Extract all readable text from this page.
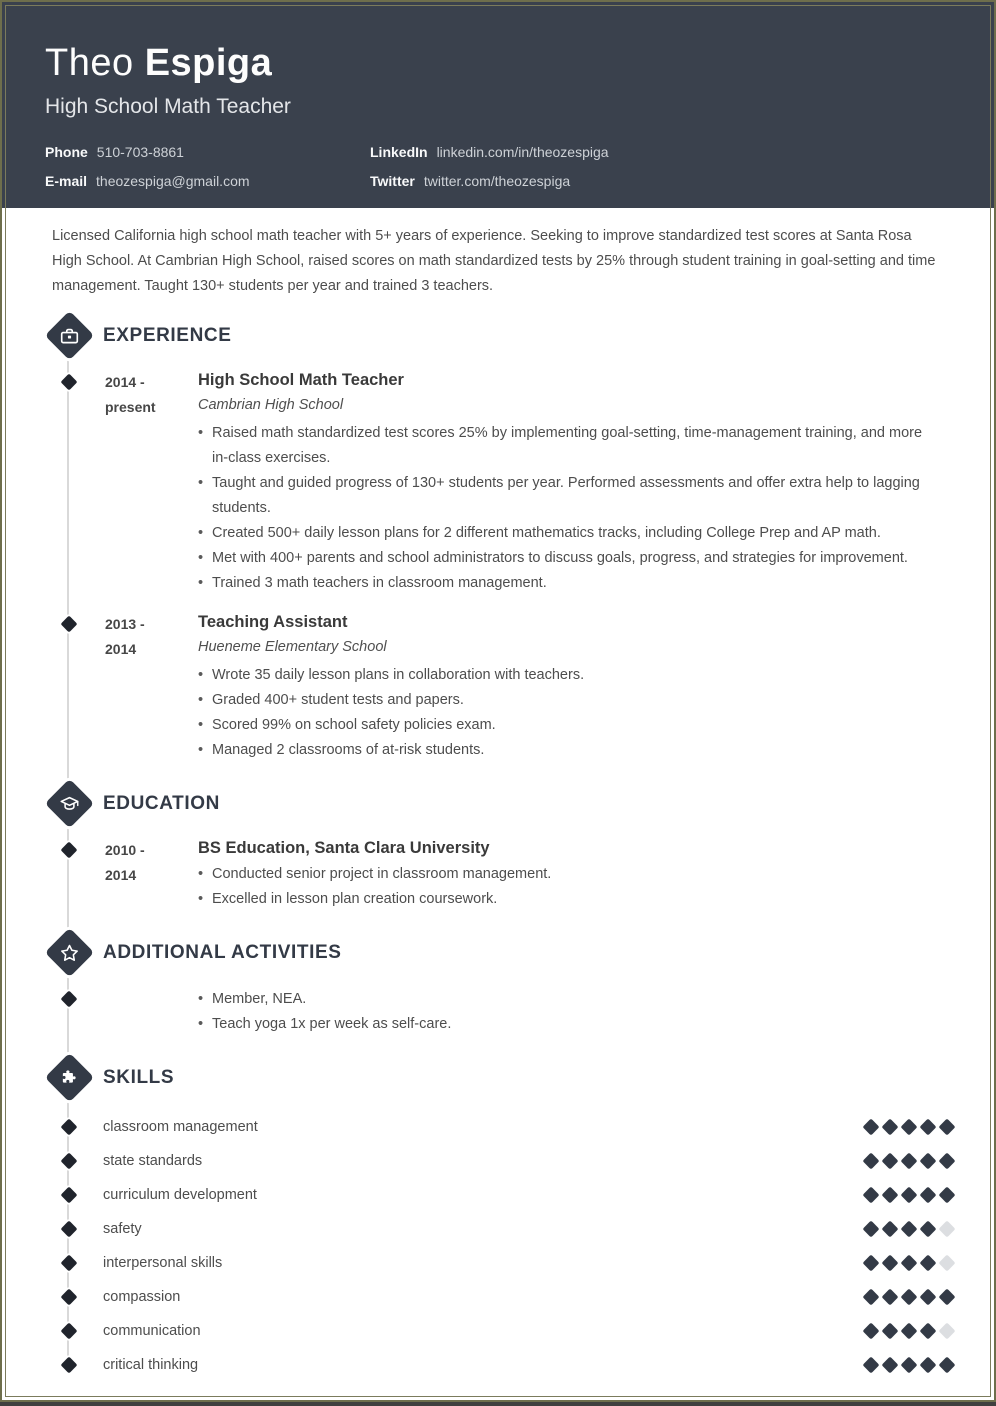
Theo Espiga
High School Math Teacher
Phone 510-703-8861	LinkedIn linkedin.com/in/theozespiga
E-mail theozespiga@gmail.com	Twitter twitter.com/theozespiga

Licensed California high school math teacher with 5+ years of experience. Seeking to improve standardized test scores at Santa Rosa High School. At Cambrian High School, raised scores on math standardized tests by 25% through student training in goal-setting and time management. Taught 130+ students per year and trained 3 teachers.

EXPERIENCE
2014 -
present
High School Math Teacher
Cambrian High School
• Raised math standardized test scores 25% by implementing goal-setting, time-management training, and more in-class exercises.
• Taught and guided progress of 130+ students per year. Performed assessments and offer extra help to lagging students.
• Created 500+ daily lesson plans for 2 different mathematics tracks, including College Prep and AP math.
• Met with 400+ parents and school administrators to discuss goals, progress, and strategies for improvement.
• Trained 3 math teachers in classroom management.
2013 -
2014
Teaching Assistant
Hueneme Elementary School
• Wrote 35 daily lesson plans in collaboration with teachers.
• Graded 400+ student tests and papers.
• Scored 99% on school safety policies exam.
• Managed 2 classrooms of at-risk students.
EDUCATION
2010 -
2014
BS Education, Santa Clara University
• Conducted senior project in classroom management.
• Excelled in lesson plan creation coursework.
ADDITIONAL ACTIVITIES
• Member, NEA.
• Teach yoga 1x per week as self-care.
SKILLS
classroom management
state standards
curriculum development
safety
interpersonal skills
compassion
communication
critical thinking
